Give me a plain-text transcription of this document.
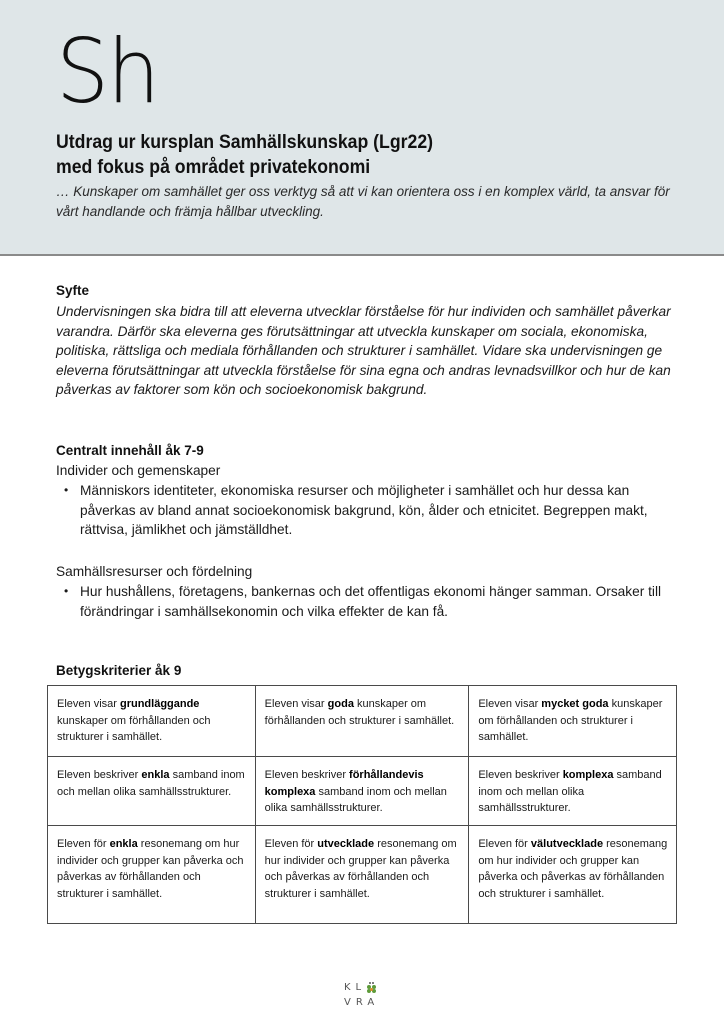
Sh
Utdrag ur kursplan Samhällskunskap (Lgr22)
med fokus på området privatekonomi
… Kunskaper om samhället ger oss verktyg så att vi kan orientera oss i en komplex värld, ta ansvar för vårt handlande och främja hållbar utveckling.
Syfte
Undervisningen ska bidra till att eleverna utvecklar förståelse för hur individen och samhället påverkar varandra. Därför ska eleverna ges förutsättningar att utveckla kunskaper om sociala, ekonomiska, politiska, rättsliga och mediala förhållanden och strukturer i samhället. Vidare ska undervisningen ge eleverna förutsättningar att utveckla förståelse för sina egna och andras levnadsvillkor och hur de kan påverkas av faktorer som kön och socioekonomisk bakgrund.
Centralt innehåll åk 7-9
Individer och gemenskaper
• Människors identiteter, ekonomiska resurser och möjligheter i samhället och hur dessa kan påverkas av bland annat socioekonomisk bakgrund, kön, ålder och etnicitet. Begreppen makt, rättvisa, jämlikhet och jämställdhet.
Samhällsresurser och fördelning
• Hur hushållens, företagens, bankernas och det offentligas ekonomi hänger samman. Orsaker till förändringar i samhällsekonomin och vilka effekter de kan få.
Betygskriterier åk 9
Eleven visar grundläggande kunskaper om förhållanden och strukturer i samhället.	Eleven visar goda kunskaper om förhållanden och strukturer i samhället.	Eleven visar mycket goda kunskaper om förhållanden och strukturer i samhället.
Eleven beskriver enkla samband inom och mellan olika samhällsstrukturer.	Eleven beskriver förhållandevis komplexa samband inom och mellan olika samhällsstrukturer.	Eleven beskriver komplexa samband inom och mellan olika samhällsstrukturer.
Eleven för enkla resonemang om hur individer och grupper kan påverka och påverkas av förhållanden och strukturer i samhället.	Eleven för utvecklade resonemang om hur individer och grupper kan påverka och påverkas av förhållanden och strukturer i samhället.	Eleven för välutvecklade resonemang om hur individer och grupper kan påverka och påverkas av förhållanden och strukturer i samhället.
KL
VRA
